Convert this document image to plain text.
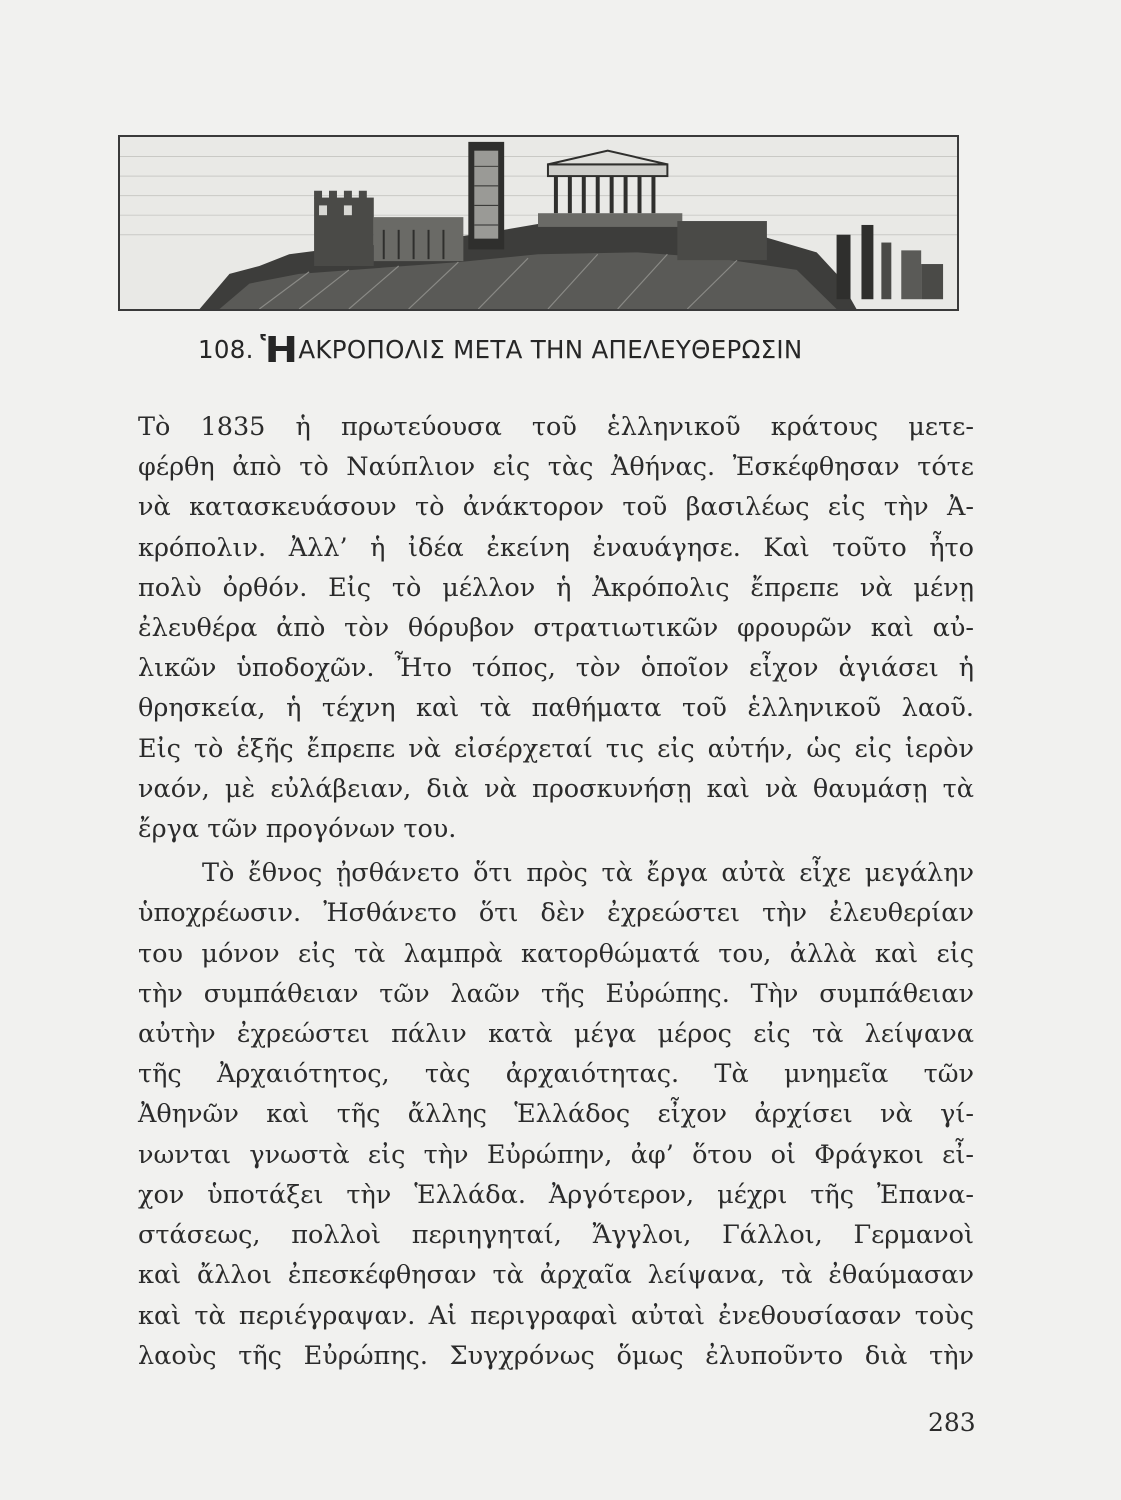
108. ἩΑΚΡΟΠΟΛΙΣ ΜΕΤΑ ΤΗΝ ΑΠΕΛΕΥΘΕΡΩΣΙΝ
Τὸ 1835 ἡ πρωτεύουσα τοῦ ἑλληνικοῦ κράτους μετε-
φέρθη ἀπὸ τὸ Ναύπλιον εἰς τὰς Ἀθήνας. Ἐσκέφθησαν τότε
νὰ κατασκευάσουν τὸ ἀνάκτορον τοῦ βασιλέως εἰς τὴν Ἀ-
κρόπολιν. Ἀλλ’ ἡ ἰδέα ἐκείνη ἐναυάγησε. Καὶ τοῦτο ἦτο
πολὺ ὀρθόν. Εἰς τὸ μέλλον ἡ Ἀκρόπολις ἔπρεπε νὰ μένῃ
ἐλευθέρα ἀπὸ τὸν θόρυβον στρατιωτικῶν φρουρῶν καὶ αὐ-
λικῶν ὑποδοχῶν. Ἦτο τόπος, τὸν ὁποῖον εἶχον ἁγιάσει ἡ
θρησκεία, ἡ τέχνη καὶ τὰ παθήματα τοῦ ἑλληνικοῦ λαοῦ.
Εἰς τὸ ἑξῆς ἔπρεπε νὰ εἰσέρχεταί τις εἰς αὐτήν, ὡς εἰς ἱερὸν
ναόν, μὲ εὐλάβειαν, διὰ νὰ προσκυνήσῃ καὶ νὰ θαυμάσῃ τὰ
ἔργα τῶν προγόνων του.
Τὸ ἔθνος ᾐσθάνετο ὅτι πρὸς τὰ ἔργα αὐτὰ εἶχε μεγάλην
ὑποχρέωσιν. Ἠσθάνετο ὅτι δὲν ἐχρεώστει τὴν ἐλευθερίαν
του μόνον εἰς τὰ λαμπρὰ κατορθώματά του, ἀλλὰ καὶ εἰς
τὴν συμπάθειαν τῶν λαῶν τῆς Εὐρώπης. Τὴν συμπάθειαν
αὐτὴν ἐχρεώστει πάλιν κατὰ μέγα μέρος εἰς τὰ λείψανα
τῆς Ἀρχαιότητος, τὰς ἀρχαιότητας. Τὰ μνημεῖα τῶν
Ἀθηνῶν καὶ τῆς ἄλλης Ἑλλάδος εἶχον ἀρχίσει νὰ γί-
νωνται γνωστὰ εἰς τὴν Εὐρώπην, ἀφ’ ὅτου οἱ Φράγκοι εἶ-
χον ὑποτάξει τὴν Ἑλλάδα. Ἀργότερον, μέχρι τῆς Ἐπανα-
στάσεως, πολλοὶ περιηγηταί, Ἄγγλοι, Γάλλοι, Γερμανοὶ
καὶ ἄλλοι ἐπεσκέφθησαν τὰ ἀρχαῖα λείψανα, τὰ ἐθαύμασαν
καὶ τὰ περιέγραψαν. Αἱ περιγραφαὶ αὐταὶ ἐνεθουσίασαν τοὺς
λαοὺς τῆς Εὐρώπης. Συγχρόνως ὅμως ἐλυποῦντο διὰ τὴν
283
